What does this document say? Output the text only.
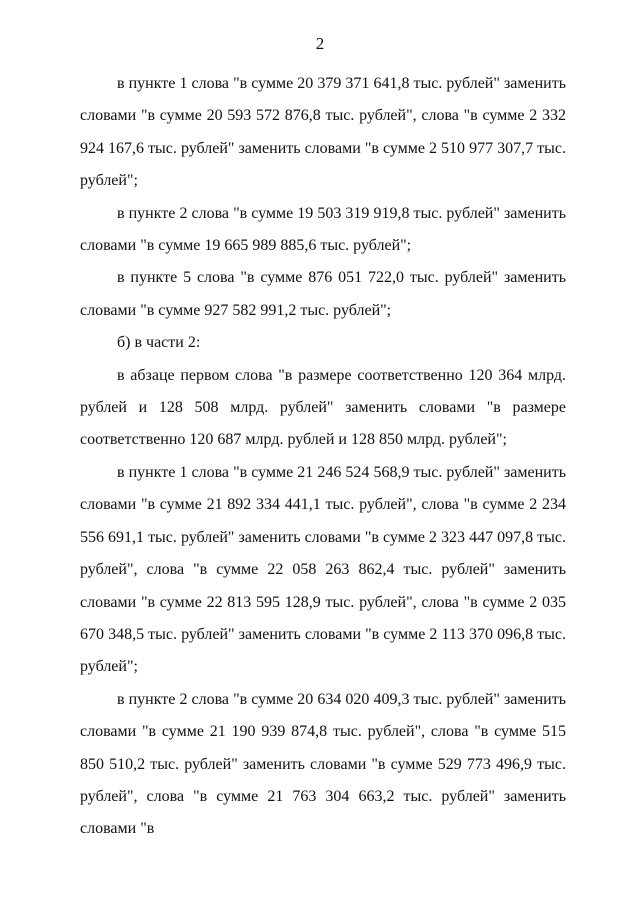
2

в пункте 1 слова "в сумме 20 379 371 641,8 тыс. рублей" заменить словами "в сумме 20 593 572 876,8 тыс. рублей", слова "в сумме 2 332 924 167,6 тыс. рублей" заменить словами "в сумме 2 510 977 307,7 тыс. рублей";

в пункте 2 слова "в сумме 19 503 319 919,8 тыс. рублей" заменить словами "в сумме 19 665 989 885,6 тыс. рублей";

в пункте 5 слова "в сумме 876 051 722,0 тыс. рублей" заменить словами "в сумме 927 582 991,2 тыс. рублей";

б) в части 2:

в абзаце первом слова "в размере соответственно 120 364 млрд. рублей и 128 508 млрд. рублей" заменить словами "в размере соответственно 120 687 млрд. рублей и 128 850 млрд. рублей";

в пункте 1 слова "в сумме 21 246 524 568,9 тыс. рублей" заменить словами "в сумме 21 892 334 441,1 тыс. рублей", слова "в сумме 2 234 556 691,1 тыс. рублей" заменить словами "в сумме 2 323 447 097,8 тыс. рублей", слова "в сумме 22 058 263 862,4 тыс. рублей" заменить словами "в сумме 22 813 595 128,9 тыс. рублей", слова "в сумме 2 035 670 348,5 тыс. рублей" заменить словами "в сумме 2 113 370 096,8 тыс. рублей";

в пункте 2 слова "в сумме 20 634 020 409,3 тыс. рублей" заменить словами "в сумме 21 190 939 874,8 тыс. рублей", слова "в сумме 515 850 510,2 тыс. рублей" заменить словами "в сумме 529 773 496,9 тыс. рублей", слова "в сумме 21 763 304 663,2 тыс. рублей" заменить словами "в
